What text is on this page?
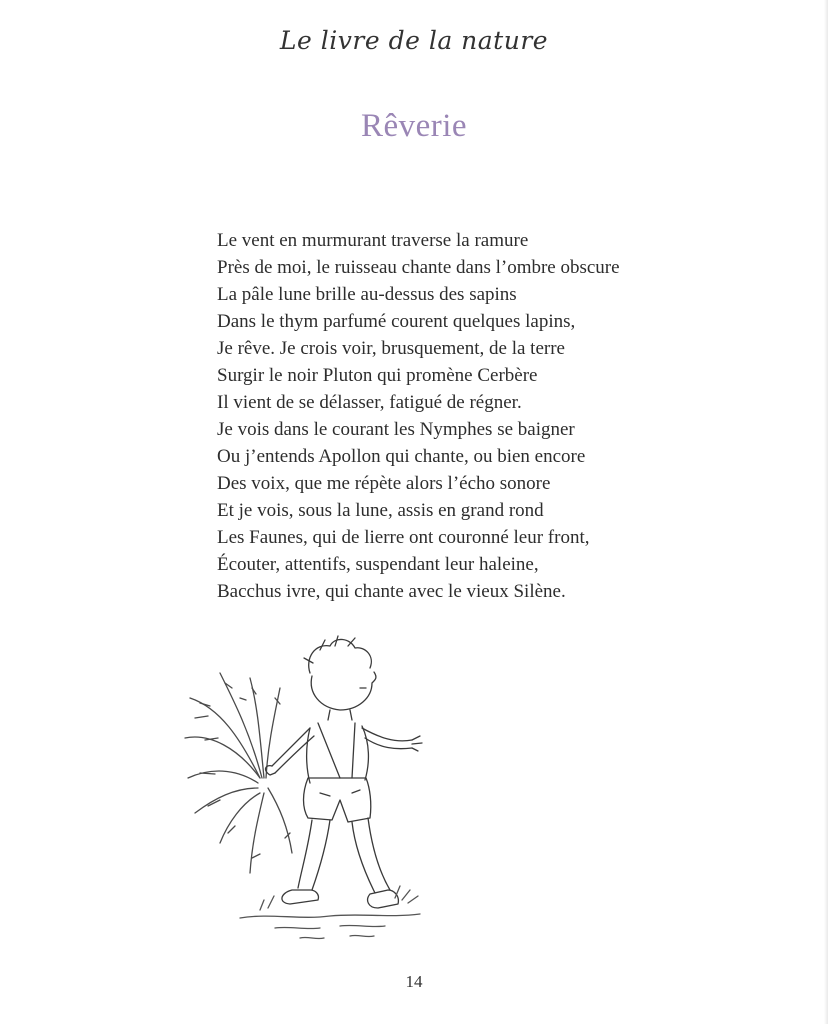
Le livre de la nature
Rêverie
Le vent en murmurant traverse la ramure
Près de moi, le ruisseau chante dans l’ombre obscure
La pâle lune brille au-dessus des sapins
Dans le thym parfumé courent quelques lapins,
Je rêve. Je crois voir, brusquement, de la terre
Surgir le noir Pluton qui promène Cerbère
Il vient de se délasser, fatigué de régner.
Je vois dans le courant les Nymphes se baigner
Ou j’entends Apollon qui chante, ou bien encore
Des voix, que me répète alors l’écho sonore
Et je vois, sous la lune, assis en grand rond
Les Faunes, qui de lierre ont couronné leur front,
Écouter, attentifs, suspendant leur haleine,
Bacchus ivre, qui chante avec le vieux Silène.
14
